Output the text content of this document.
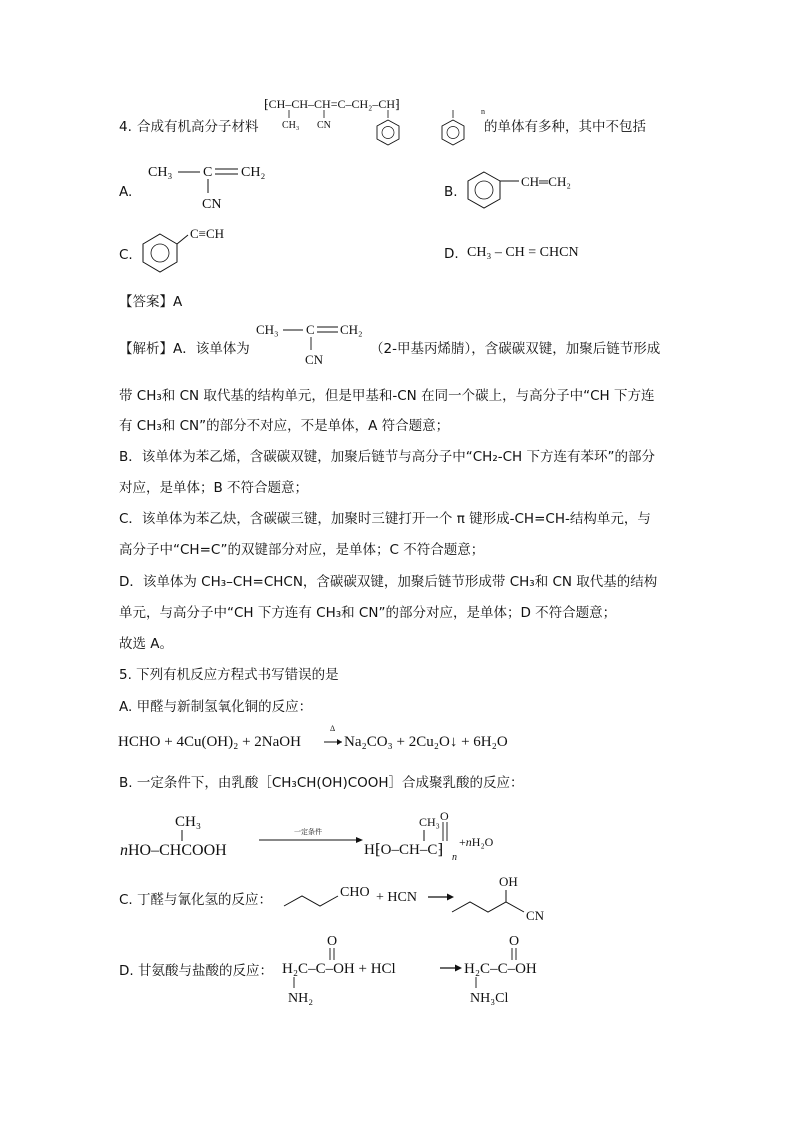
4. 合成有机高分子材料
⁅CH–CH–CH=C–CH₂–CH⁆
n
CH₃ CN	的单体有多种，其中不包括
A.
CH₃ C CH₂
CN
B.
CH═CH₂
C.
C≡CH
D. CH₃ – CH = CHCN
【答案】A
【解析】A．该单体为
CH₃ C CH₂
CN
（2-甲基丙烯腈），含碳碳双键，加聚后链节形成
带 CH₃和 CN 取代基的结构单元，但是甲基和-CN 在同一个碳上，与高分子中“CH 下方连
有 CH₃和 CN”的部分不对应，不是单体，A 符合题意；
B．该单体为苯乙烯，含碳碳双键，加聚后链节与高分子中“CH₂-CH 下方连有苯环”的部分
对应，是单体；B 不符合题意；
C．该单体为苯乙炔，含碳碳三键，加聚时三键打开一个 π 键形成-CH=CH-结构单元，与
高分子中“CH=C”的双键部分对应，是单体；C 不符合题意；
D．该单体为 CH₃–CH=CHCN，含碳碳双键，加聚后链节形成带 CH₃和 CN 取代基的结构
单元，与高分子中“CH 下方连有 CH₃和 CN”的部分对应，是单体；D 不符合题意；
故选 A。
5. 下列有机反应方程式书写错误的是
A. 甲醛与新制氢氧化铜的反应：
HCHO + 4Cu(OH)₂ + 2NaOH
Δ
Na₂CO₃ + 2Cu₂O↓ + 6H₂O
B. 一定条件下，由乳酸［CH₃CH(OH)COOH］合成聚乳酸的反应：
CH₃
nHO–CHCOOH
一定条件
H⁅O–CH–C⁆ n
CH₃ O
+nH₂O
C. 丁醛与氰化氢的反应：	CHO + HCN
OH
CN
D. 甘氨酸与盐酸的反应：
O
H₂C–C–OH + HCl
NH₂
O
H₂C–C–OH
NH₃Cl
